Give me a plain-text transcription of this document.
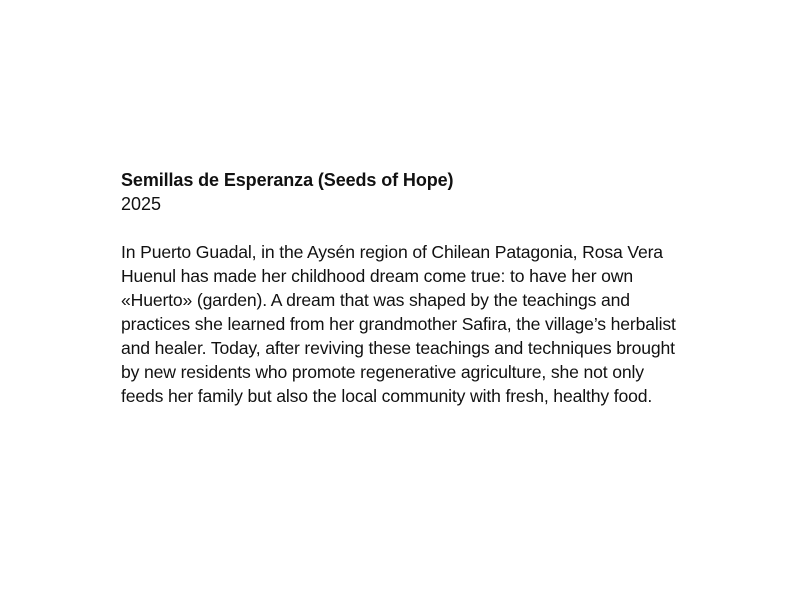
Semillas de Esperanza (Seeds of Hope)

2025

In Puerto Guadal, in the Aysén region of Chilean Patagonia, Rosa Vera Huenul has made her childhood dream come true: to have her own «Huerto» (garden). A dream that was shaped by the teachings and practices she learned from her grandmother Safira, the village’s herbalist and healer. Today, after reviving these teachings and techniques brought by new residents who promote regenerative agriculture, she not only feeds her family but also the local community with fresh, healthy food.
